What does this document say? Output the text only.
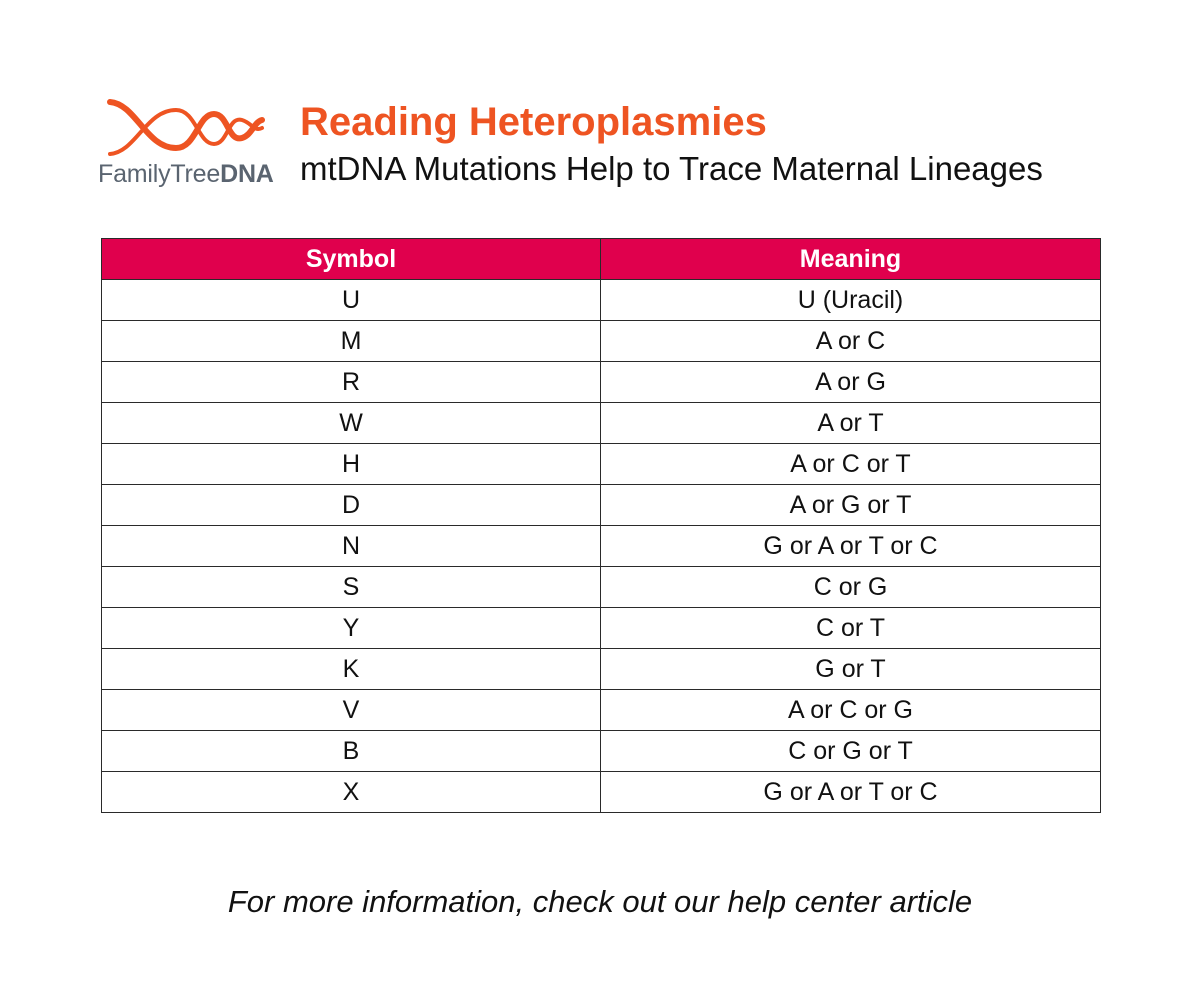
FamilyTreeDNA
Reading Heteroplasmies
mtDNA Mutations Help to Trace Maternal Lineages
Symbol	Meaning
U	U (Uracil)
M	A or C
R	A or G
W	A or T
H	A or C or T
D	A or G or T
N	G or A or T or C
S	C or G
Y	C or T
K	G or T
V	A or C or G
B	C or G or T
X	G or A or T or C
For more information, check out our help center article
